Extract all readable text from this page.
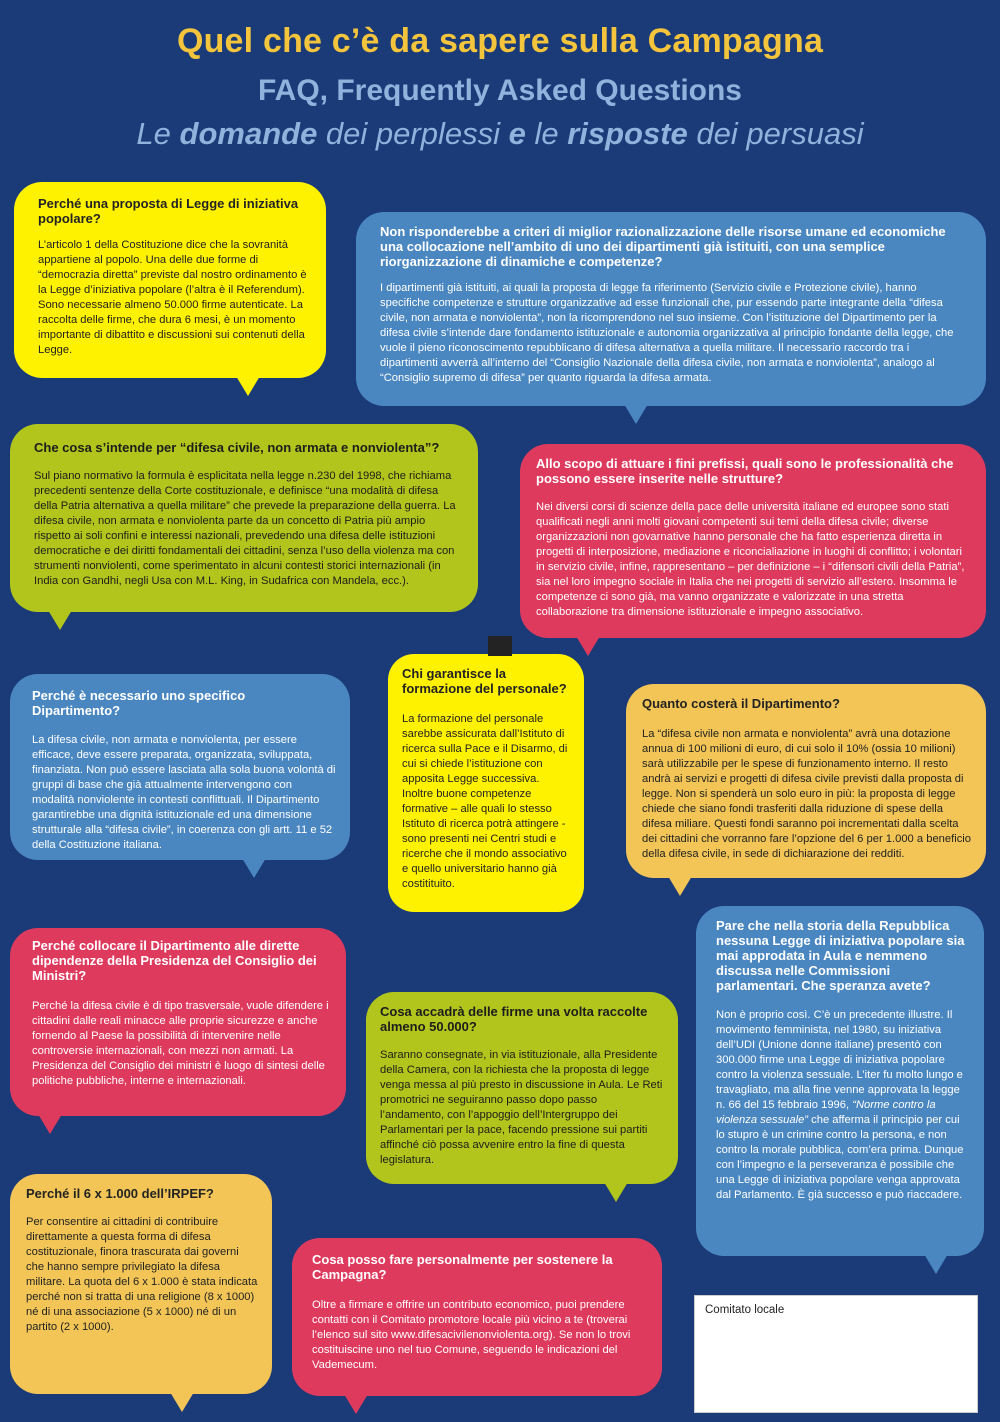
Quel che c’è da sapere sulla Campagna
FAQ, Frequently Asked Questions
Le domande dei perplessi e le risposte dei persuasi

Perché una proposta di Legge di iniziativa popolare?

L’articolo 1 della Costituzione dice che la sovranità appartiene al popolo. Una delle due forme di “democrazia diretta” previste dal nostro ordinamento è la Legge d’iniziativa popolare (l’altra è il Referendum). Sono necessarie almeno 50.000 firme autenticate. La raccolta delle firme, che dura 6 mesi, è un momento importante di dibattito e discussioni sui contenuti della Legge.

Non risponderebbe a criteri di miglior razionalizzazione delle risorse umane ed economiche una collocazione nell’ambito di uno dei dipartimenti già istituiti, con una semplice riorganizzazione di dinamiche e competenze?

I dipartimenti già istituiti, ai quali la proposta di legge fa riferimento (Servizio civile e Protezione civile), hanno specifiche competenze e strutture organizzative ad esse funzionali che, pur essendo parte integrante della “difesa civile, non armata e nonviolenta”, non la ricomprendono nel suo insieme. Con l’istituzione del Dipartimento per la difesa civile s’intende dare fondamento istituzionale e autonomia organizzativa al principio fondante della legge, che vuole il pieno riconoscimento repubblicano di difesa alternativa a quella militare. Il necessario raccordo tra i dipartimenti avverrà all’interno del “Consiglio Nazionale della difesa civile, non armata e nonviolenta”, analogo al “Consiglio supremo di difesa” per quanto riguarda la difesa armata.

Che cosa s’intende per “difesa civile, non armata e nonviolenta”?

Sul piano normativo la formula è esplicitata nella legge n.230 del 1998, che richiama precedenti sentenze della Corte costituzionale, e definisce “una modalità di difesa della Patria alternativa a quella militare” che prevede la preparazione della guerra. La difesa civile, non armata e nonviolenta parte da un concetto di Patria più ampio rispetto ai soli confini e interessi nazionali, prevedendo una difesa delle istituzioni democratiche e dei diritti fondamentali dei cittadini, senza l’uso della violenza ma con strumenti nonviolenti, come sperimentato in alcuni contesti storici internazionali (in India con Gandhi, negli Usa con M.L. King, in Sudafrica con Mandela, ecc.).

Allo scopo di attuare i fini prefissi, quali sono le professionalità che possono essere inserite nelle strutture?

Nei diversi corsi di scienze della pace delle università italiane ed europee sono stati qualificati negli anni molti giovani competenti sui temi della difesa civile; diverse organizzazioni non govarnative hanno personale che ha fatto esperienza diretta in progetti di interposizione, mediazione e riconcialiazione in luoghi di conflitto; i volontari in servizio civile, infine, rappresentano – per definizione – i “difensori civili della Patria”, sia nel loro impegno sociale in Italia che nei progetti di servizio all’estero. Insomma le competenze ci sono già, ma vanno organizzate e valorizzate in una stretta collaborazione tra dimensione istituzionale e impegno associativo.

Perché è necessario uno specifico Dipartimento?

La difesa civile, non armata e nonviolenta, per essere efficace, deve essere preparata, organizzata, sviluppata, finanziata. Non può essere lasciata alla sola buona volontà di gruppi di base che già attualmente intervengono con modalità nonviolente in contesti conflittuali. Il Dipartimento garantirebbe una dignità istituzionale ed una dimensione strutturale alla “difesa civile”, in coerenza con gli artt. 11 e 52 della Costituzione italiana.

Chi garantisce la formazione del personale?

La formazione del personale sarebbe assicurata dall’Istituto di ricerca sulla Pace e il Disarmo, di cui si chiede l’istituzione con apposita Legge successiva. Inoltre buone competenze formative – alle quali lo stesso Istituto di ricerca potrà attingere - sono presenti nei Centri studi e ricerche che il mondo associativo e quello universitario hanno già costitituito.

Quanto costerà il Dipartimento?

La “difesa civile non armata e nonviolenta” avrà una dotazione annua di 100 milioni di euro, di cui solo il 10% (ossia 10 milioni) sarà utilizzabile per le spese di funzionamento interno. Il resto andrà ai servizi e progetti di difesa civile previsti dalla proposta di legge. Non si spenderà un solo euro in più: la proposta di legge chiede che siano fondi trasferiti dalla riduzione di spese della difesa miliare. Questi fondi saranno poi incrementati dalla scelta dei cittadini che vorranno fare l’opzione del 6 per 1.000 a beneficio della difesa civile, in sede di dichiarazione dei redditi.

Perché collocare il Dipartimento alle dirette dipendenze della Presidenza del Consiglio dei Ministri?

Perché la difesa civile è di tipo trasversale, vuole difendere i cittadini dalle reali minacce alle proprie sicurezze e anche fornendo al Paese la possibilità di intervenire nelle controversie internazionali, con mezzi non armati. La Presidenza del Consiglio dei ministri è luogo di sintesi delle politiche pubbliche, interne e internazionali.

Cosa accadrà delle firme una volta raccolte almeno 50.000?

Saranno consegnate, in via istituzionale, alla Presidente della Camera, con la richiesta che la proposta di legge venga messa al più presto in discussione in Aula. Le Reti promotrici ne seguiranno passo dopo passo l’andamento, con l’appoggio dell’Intergruppo dei Parlamentari per la pace, facendo pressione sui partiti affinché ciò possa avvenire entro la fine di questa legislatura.

Pare che nella storia della Repubblica nessuna Legge di iniziativa popolare sia mai approdata in Aula e nemmeno discussa nelle Commissioni parlamentari. Che speranza avete?

Non è proprio così. C’è un precedente illustre. Il movimento femminista, nel 1980, su iniziativa dell’UDI (Unione donne italiane) presentò con 300.000 firme una Legge di iniziativa popolare contro la violenza sessuale. L’iter fu molto lungo e travagliato, ma alla fine venne approvata la legge n. 66 del 15 febbraio 1996, “Norme contro la violenza sessuale” che afferma il principio per cui lo stupro è un crimine contro la persona, e non contro la morale pubblica, com’era prima. Dunque con l’impegno e la perseveranza è possibile che una Legge di iniziativa popolare venga approvata dal Parlamento. È già successo e può riaccadere.

Perché il 6 x 1.000 dell’IRPEF?

Per consentire ai cittadini di contribuire direttamente a questa forma di difesa costituzionale, finora trascurata dai governi che hanno sempre privilegiato la difesa militare. La quota del 6 x 1.000 è stata indicata perché non si tratta di una religione (8 x 1000) né di una associazione (5 x 1000) né di un partito (2 x 1000).

Cosa posso fare personalmente per sostenere la Campagna?

Oltre a firmare e offrire un contributo economico, puoi prendere contatti con il Comitato promotore locale più vicino a te (troverai l’elenco sul sito www.difesacivilenonviolenta.org). Se non lo trovi costituiscine uno nel tuo Comune, seguendo le indicazioni del Vademecum.

Comitato locale
